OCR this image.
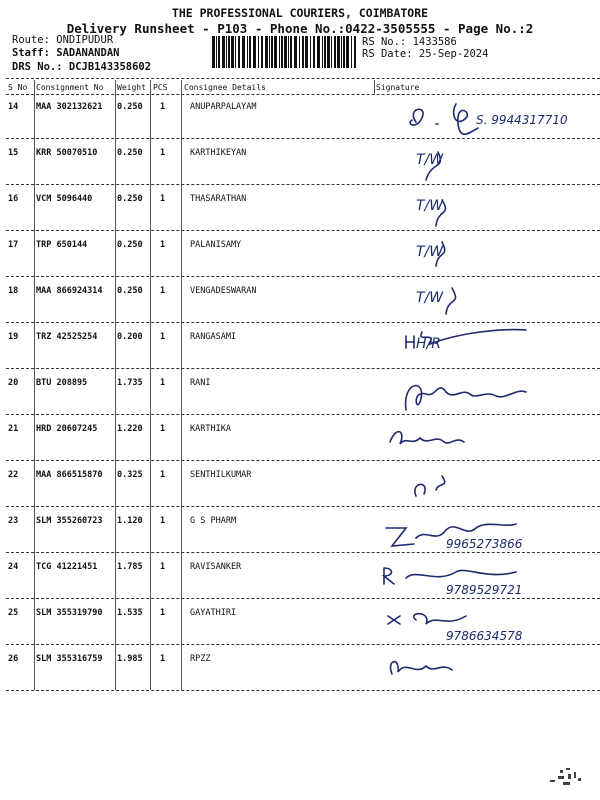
THE PROFESSIONAL COURIERS, COIMBATORE
Delivery Runsheet - P103 - Phone No.:0422-3505555 - Page No.:2
Route: ONDIPUDUR
Staff: SADANANDAN
DRS No.: DCJB143358602
RS No.: 1433586
RS Date: 25-Sep-2024
S No Consignment No Weight PCS Consignee Details	Signature
14 MAA 302132621 0.250 1	ANUPARPALAYAM
S. 9944317710
15 KRR 50070510 0.250 1	KARTHIKEYAN	T/W
16 VCM 5096440	0.250 1	THASARATHAN	T/W
17 TRP 650144	0.250 1	PALANISAMY	T/W
18 MAA 866924314 0.250 1	VENGADESWARAN	T/W
19 TRZ 42525254 0.200 1	RANGASAMI	H/R
20 BTU 208895	1.735 1	RANI
21 HRD 20607245 1.220 1	KARTHIKA
22 MAA 866515870 0.325 1	SENTHILKUMAR
23 SLM 355260723 1.120 1	G S PHARM
9965273866
24 TCG 41221451 1.785 1	RAVISANKER
9789529721
25 SLM 355319790 1.535 1	GAYATHIRI
9786634578
26 SLM 355316759 1.985 1	RPZZ
